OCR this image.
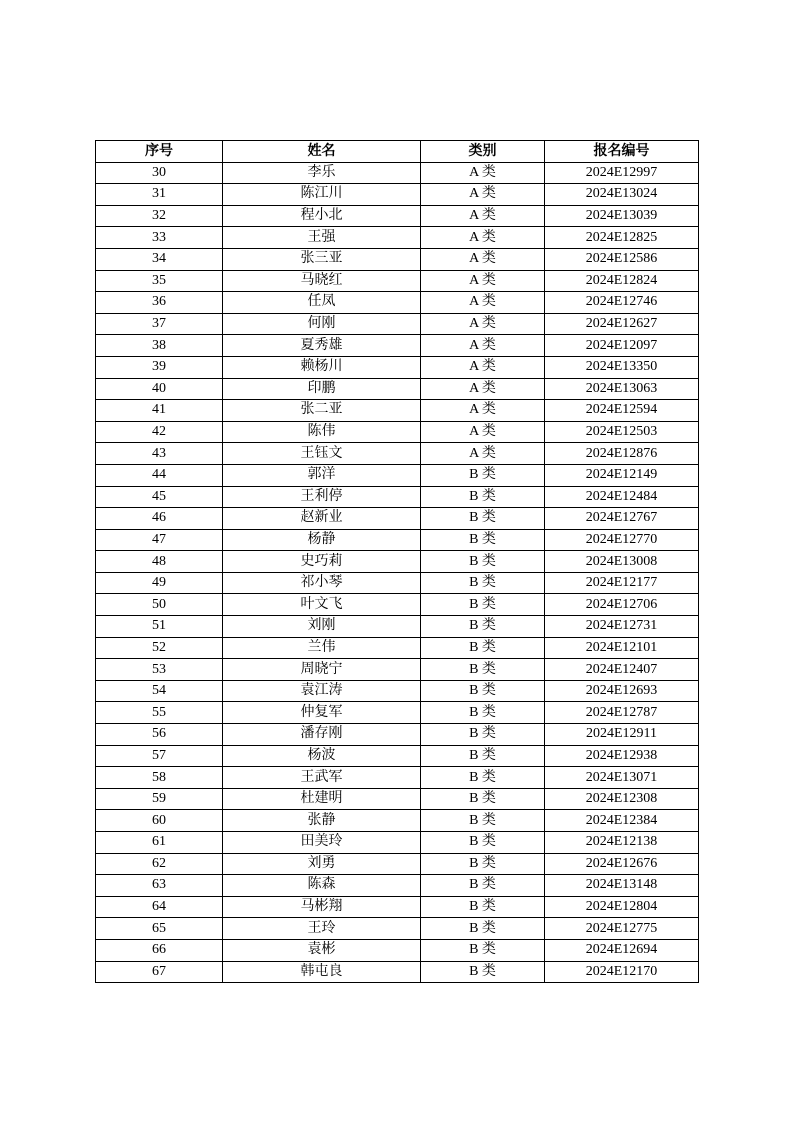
序号	姓名	类别	报名编号
30	李乐	A 类	2024E12997
31	陈江川	A 类	2024E13024
32	程小北	A 类	2024E13039
33	王强	A 类	2024E12825
34	张三亚	A 类	2024E12586
35	马晓红	A 类	2024E12824
36	任凤	A 类	2024E12746
37	何刚	A 类	2024E12627
38	夏秀雄	A 类	2024E12097
39	赖杨川	A 类	2024E13350
40	印鹏	A 类	2024E13063
41	张二亚	A 类	2024E12594
42	陈伟	A 类	2024E12503
43	王钰文	A 类	2024E12876
44	郭洋	B 类	2024E12149
45	王利停	B 类	2024E12484
46	赵新业	B 类	2024E12767
47	杨静	B 类	2024E12770
48	史巧莉	B 类	2024E13008
49	祁小琴	B 类	2024E12177
50	叶文飞	B 类	2024E12706
51	刘刚	B 类	2024E12731
52	兰伟	B 类	2024E12101
53	周晓宁	B 类	2024E12407
54	袁江涛	B 类	2024E12693
55	仲复军	B 类	2024E12787
56	潘存刚	B 类	2024E12911
57	杨波	B 类	2024E12938
58	王武军	B 类	2024E13071
59	杜建明	B 类	2024E12308
60	张静	B 类	2024E12384
61	田美玲	B 类	2024E12138
62	刘勇	B 类	2024E12676
63	陈森	B 类	2024E13148
64	马彬翔	B 类	2024E12804
65	王玲	B 类	2024E12775
66	袁彬	B 类	2024E12694
67	韩屯良	B 类	2024E12170
